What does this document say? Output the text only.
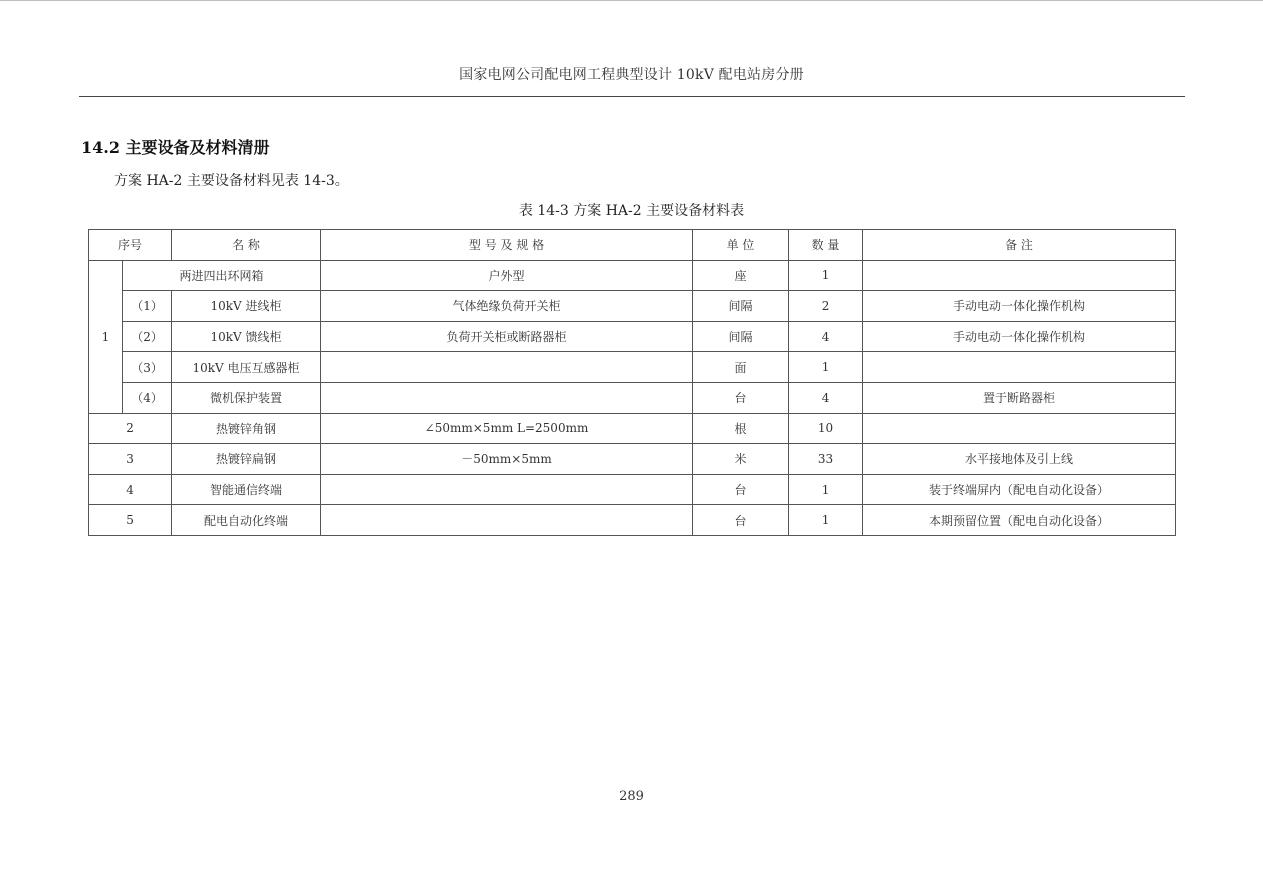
国家电网公司配电网工程典型设计 10kV 配电站房分册
14.2 主要设备及材料清册
方案 HA-2 主要设备材料见表 14-3。
表 14-3 方案 HA-2 主要设备材料表
序号		名 称	型 号 及 规 格	单 位	数 量	备 注
1	两进四出环网箱		户外型	座	1	
	（1）	10kV 进线柜	气体绝缘负荷开关柜	间隔	2	手动电动一体化操作机构
	（2）	10kV 馈线柜	负荷开关柜或断路器柜	间隔	4	手动电动一体化操作机构
	（3）	10kV 电压互感器柜		面	1	
	（4）	微机保护装置		台	4	置于断路器柜
2		热镀锌角钢	∠50mm×5mm L=2500mm	根	10	
3		热镀锌扁钢	－50mm×5mm	米	33	水平接地体及引上线
4		智能通信终端		台	1	装于终端屏内（配电自动化设备）
5		配电自动化终端		台	1	本期预留位置（配电自动化设备）
289
